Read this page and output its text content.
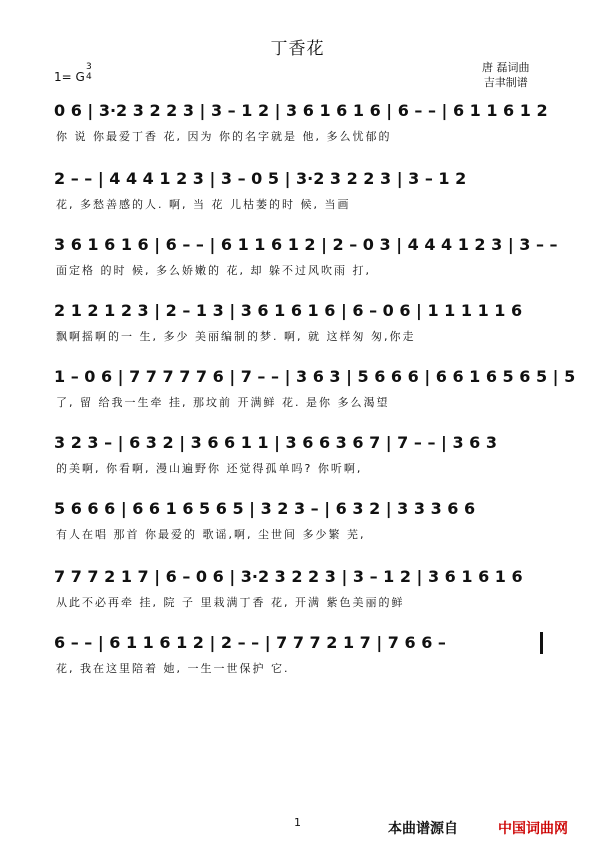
丁香花
1= G
3
4
唐 磊词曲
吉聿制谱
0 6 | 3·2 3 2 2 3 | 3 – 1 2 | 3 6 1 6 1 6 | 6 – – | 6 1 1 6 1 2
你 说 你最爱丁香 花, 因为 你的名字就是 他, 多么忧郁的
2 – – | 4 4 4 1 2 3 | 3 – 0 5 | 3·2 3 2 2 3 | 3 – 1 2
花, 多愁善感的人. 啊, 当 花 儿枯萎的时 候, 当画
3 6 1 6 1 6 | 6 – – | 6 1 1 6 1 2 | 2 – 0 3 | 4 4 4 1 2 3 | 3 – –
面定格 的时 候, 多么娇嫩的 花, 却 躲不过风吹雨 打,
2 1 2 1 2 3 | 2 – 1 3 | 3 6 1 6 1 6 | 6 – 0 6 | 1 1 1 1 1 6
飘啊摇啊的一 生, 多少 美丽编制的梦. 啊, 就 这样匆 匆,你走
1 – 0 6 | 7 7 7 7 7 6 | 7 – – | 3 6 3 | 5 6 6 6 | 6 6 1 6 5 6 5 | 5
了, 留 给我一生牵 挂, 那坟前 开满鲜 花. 是你 多么渴望
3 2 3 – | 6 3 2 | 3 6 6 1 1 | 3 6 6 3 6 7 | 7 – – | 3 6 3
的美啊, 你看啊, 漫山遍野你 还觉得孤单吗? 你听啊,
5 6 6 6 | 6 6 1 6 5 6 5 | 3 2 3 – | 6 3 2 | 3 3 3 6 6
有人在唱 那首 你最爱的 歌谣,啊, 尘世间 多少繁 芜,
7 7 7 2 1 7 | 6 – 0 6 | 3·2 3 2 2 3 | 3 – 1 2 | 3 6 1 6 1 6
从此不必再牵 挂, 院 子 里栽满丁香 花, 开满 紫色美丽的鲜
6 – – | 6 1 1 6 1 2 | 2 – – | 7 7 7 2 1 7 | 7 6 6 –
花, 我在这里陪着 她, 一生一世保护 它.
1	本曲谱源自	中国词曲网
